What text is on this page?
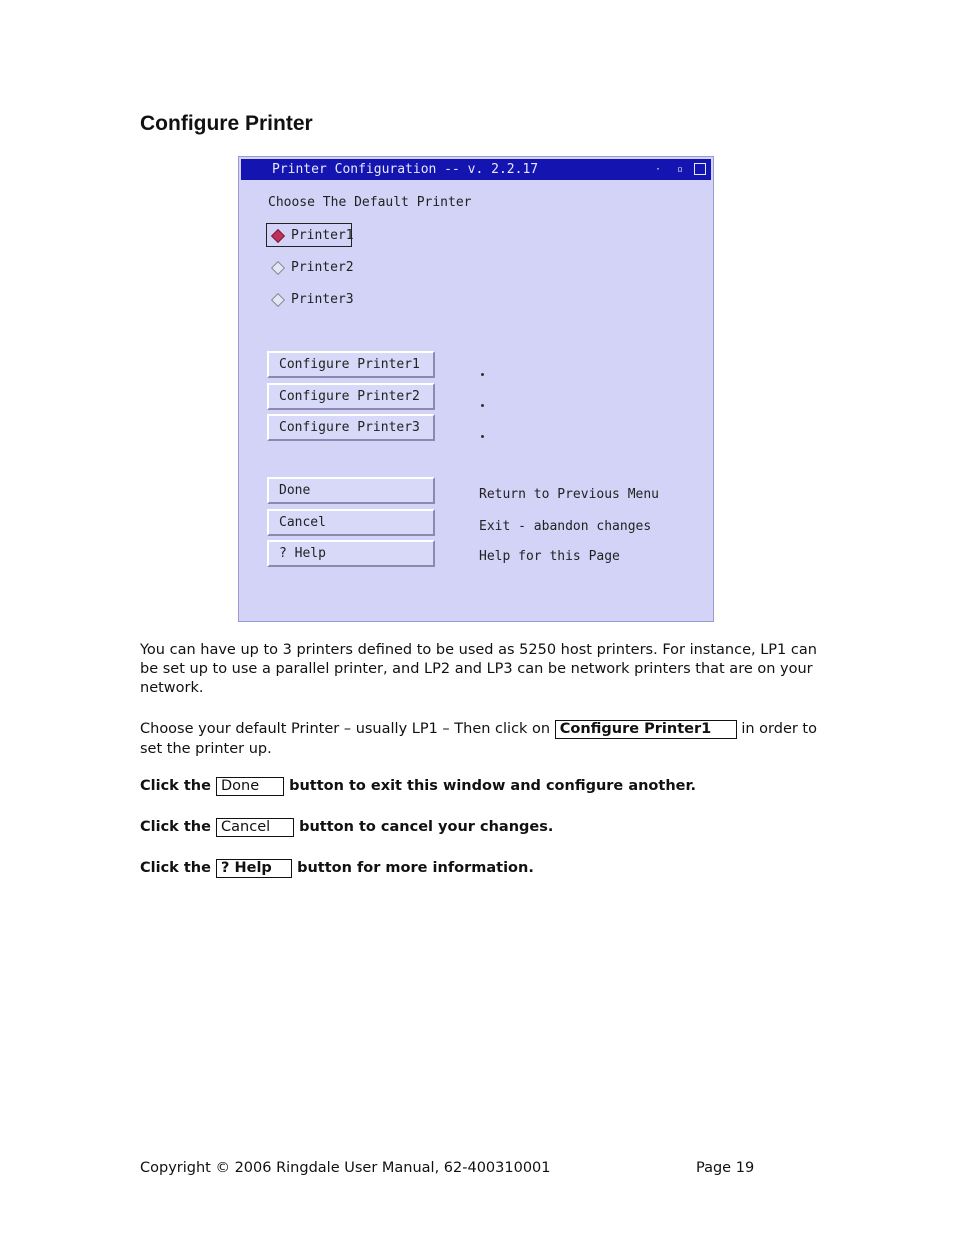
Configure Printer
Printer Configuration -- v. 2.2.17	· ▫
Choose The Default Printer
Printer1
Printer2
Printer3
Configure Printer1
Configure Printer2
Configure Printer3
Done
Cancel
? Help
Return to Previous Menu
Exit - abandon changes
Help for this Page
You can have up to 3 printers defined to be used as 5250 host printers. For instance, LP1 can be set up to use a parallel printer, and LP2 and LP3 can be network printers that are on your network.
Choose your default Printer – usually LP1 – Then click on Configure Printer1 in order to set the printer up.
Click the Done button to exit this window and configure another.
Click the Cancel button to cancel your changes.
Click the ? Help button for more information.
Copyright © 2006 Ringdale User Manual, 62-400310001	Page 19
